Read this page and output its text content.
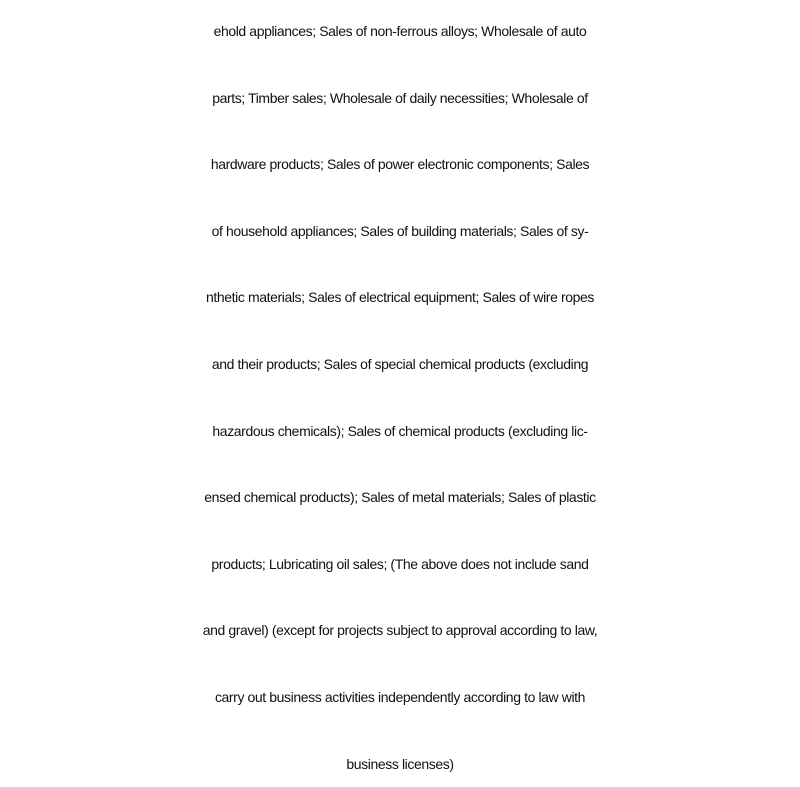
ehold appliances; Sales of non-ferrous alloys; Wholesale of auto
parts; Timber sales; Wholesale of daily necessities; Wholesale of
hardware products; Sales of power electronic components; Sales
of household appliances; Sales of building materials; Sales of sy-
nthetic materials; Sales of electrical equipment; Sales of wire ropes
and their products; Sales of special chemical products (excluding
hazardous chemicals); Sales of chemical products (excluding lic-
ensed chemical products); Sales of metal materials; Sales of plastic
products; Lubricating oil sales; (The above does not include sand
and gravel) (except for projects subject to approval according to law,
carry out business activities independently according to law with
business licenses)
